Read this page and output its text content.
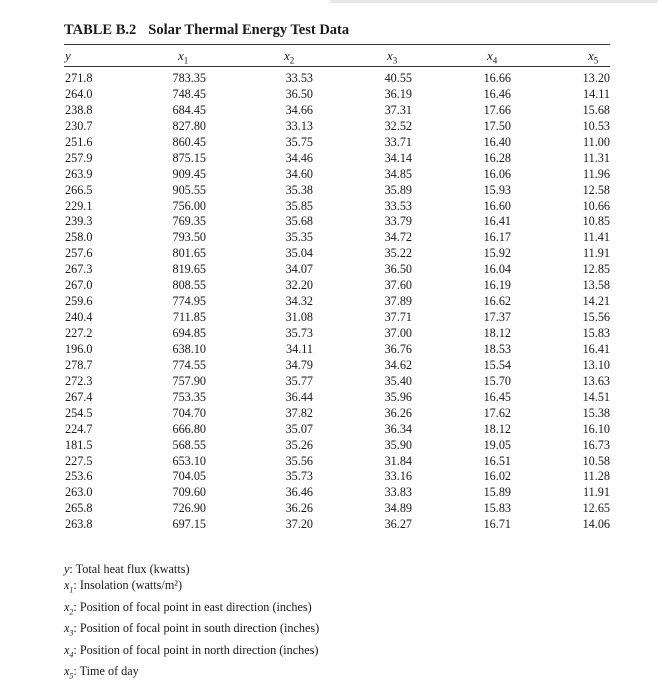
TABLE B.2 Solar Thermal Energy Test Data
y	$x_1$	$x_2$	$x_3$	$x_4$	$x_5$
271.8	783.35	33.53	40.55	16.66	13.20
264.0	748.45	36.50	36.19	16.46	14.11
238.8	684.45	34.66	37.31	17.66	15.68
230.7	827.80	33.13	32.52	17.50	10.53
251.6	860.45	35.75	33.71	16.40	11.00
257.9	875.15	34.46	34.14	16.28	11.31
263.9	909.45	34.60	34.85	16.06	11.96
266.5	905.55	35.38	35.89	15.93	12.58
229.1	756.00	35.85	33.53	16.60	10.66
239.3	769.35	35.68	33.79	16.41	10.85
258.0	793.50	35.35	34.72	16.17	11.41
257.6	801.65	35.04	35.22	15.92	11.91
267.3	819.65	34.07	36.50	16.04	12.85
267.0	808.55	32.20	37.60	16.19	13.58
259.6	774.95	34.32	37.89	16.62	14.21
240.4	711.85	31.08	37.71	17.37	15.56
227.2	694.85	35.73	37.00	18.12	15.83
196.0	638.10	34.11	36.76	18.53	16.41
278.7	774.55	34.79	34.62	15.54	13.10
272.3	757.90	35.77	35.40	15.70	13.63
267.4	753.35	36.44	35.96	16.45	14.51
254.5	704.70	37.82	36.26	17.62	15.38
224.7	666.80	35.07	36.34	18.12	16.10
181.5	568.55	35.26	35.90	19.05	16.73
227.5	653.10	35.56	31.84	16.51	10.58
253.6	704.05	35.73	33.16	16.02	11.28
263.0	709.60	36.46	33.83	15.89	11.91
265.8	726.90	36.26	34.89	15.83	12.65
263.8	697.15	37.20	36.27	16.71	14.06
y: Total heat flux (kwatts)
$x_1$: Insolation (watts/m²)
$x_2$: Position of focal point in east direction (inches)
$x_3$: Position of focal point in south direction (inches)
$x_4$: Position of focal point in north direction (inches)
$x_5$: Time of day
